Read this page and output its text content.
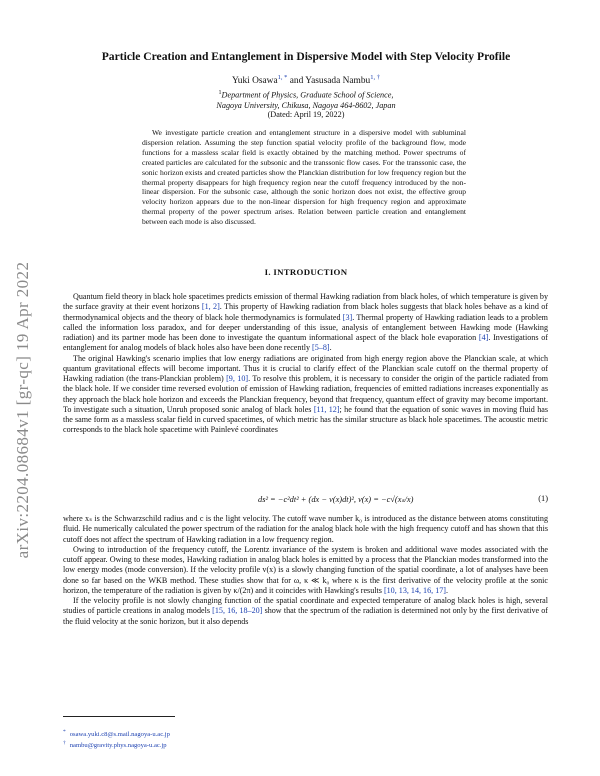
arXiv:2204.08684v1 [gr-qc] 19 Apr 2022
Particle Creation and Entanglement in Dispersive Model with Step Velocity Profile
Yuki Osawa$^{1, *}$ and Yasusada Nambu$^{1, \dagger}$
$^1$Department of Physics, Graduate School of Science,
Nagoya University, Chikusa, Nagoya 464-8602, Japan
(Dated: April 19, 2022)
We investigate particle creation and entanglement structure in a dispersive model with subluminal dispersion relation. Assuming the step function spatial velocity profile of the background flow, mode functions for a massless scalar field is exactly obtained by the matching method. Power spectrums of created particles are calculated for the subsonic and the transsonic flow cases. For the transsonic case, the sonic horizon exists and created particles show the Planckian distribution for low frequency region but the thermal property disappears for high frequency region near the cutoff frequency introduced by the non-linear dispersion. For the subsonic case, although the sonic horizon does not exist, the effective group velocity horizon appears due to the non-linear dispersion for high frequency region and approximate thermal property of the power spectrum arises. Relation between particle creation and entanglement between each mode is also discussed.
I. INTRODUCTION

Quantum field theory in black hole spacetimes predicts emission of thermal Hawking radiation from black holes, of which temperature is given by the surface gravity at their event horizons [1, 2]. This property of Hawking radiation from black holes suggests that black holes behave as a kind of thermodynamical objects and the theory of black hole thermodynamics is formulated [3]. Thermal property of Hawking radiation leads to a problem called the information loss paradox, and for deeper understanding of this issue, analysis of entanglement between Hawking mode (Hawking radiation) and its partner mode has been done to investigate the quantum informational aspect of the black hole evaporation [4]. Investigations of entanglement for analog models of black holes also have been done recently [5–8].

The original Hawking's scenario implies that low energy radiations are originated from high energy region above the Planckian scale, at which quantum gravitational effects will become important. Thus it is crucial to clarify effect of the Planckian scale cutoff on the thermal property of Hawking radiation (the trans-Planckian problem) [9, 10]. To resolve this problem, it is necessary to consider the origin of the particle radiated from the black hole. If we consider time reversed evolution of emission of Hawking radiation, frequencies of emitted radiations increases exponentially as they approach the black hole horizon and exceeds the Planckian frequency, beyond that frequency, quantum effect of gravity may become important. To investigate such a situation, Unruh proposed sonic analog of black holes [11, 12]; he found that the equation of sonic waves in moving fluid has the same form as a massless scalar field in curved spacetimes, of which metric has the similar structure as black hole spacetimes. The acoustic metric corresponds to the black hole spacetime with Painlevé coordinates

ds² = −c²dt² + (dx − v(x)dt)², v(x) = −c√(xₛ/x)	(1)

where xₛ is the Schwarzschild radius and c is the light velocity. The cutoff wave number k₀ is introduced as the distance between atoms constituting fluid. He numerically calculated the power spectrum of the radiation for the analog black hole with the high frequency cutoff and has shown that this cutoff does not affect the spectrum of Hawking radiation in a low frequency region.

Owing to introduction of the frequency cutoff, the Lorentz invariance of the system is broken and additional wave modes associated with the cutoff appear. Owing to these modes, Hawking radiation in analog black holes is emitted by a process that the Planckian modes transformed into the low energy modes (mode conversion). If the velocity profile v(x) is a slowly changing function of the spatial coordinate, a lot of analyses have been done so far based on the WKB method. These studies show that for ω, κ ≪ k₀ where κ is the first derivative of the velocity profile at the sonic horizon, the temperature of the radiation is given by κ/(2π) and it coincides with Hawking's results [10, 13, 14, 16, 17].

If the velocity profile is not slowly changing function of the spatial coordinate and expected temperature of analog black holes is high, several studies of particle creations in analog models [15, 16, 18–20] show that the spectrum of the radiation is determined not only by the first derivative of the fluid velocity at the sonic horizon, but it also depends

* osawa.yuki.c8@s.mail.nagoya-u.ac.jp
† nambu@gravity.phys.nagoya-u.ac.jp
